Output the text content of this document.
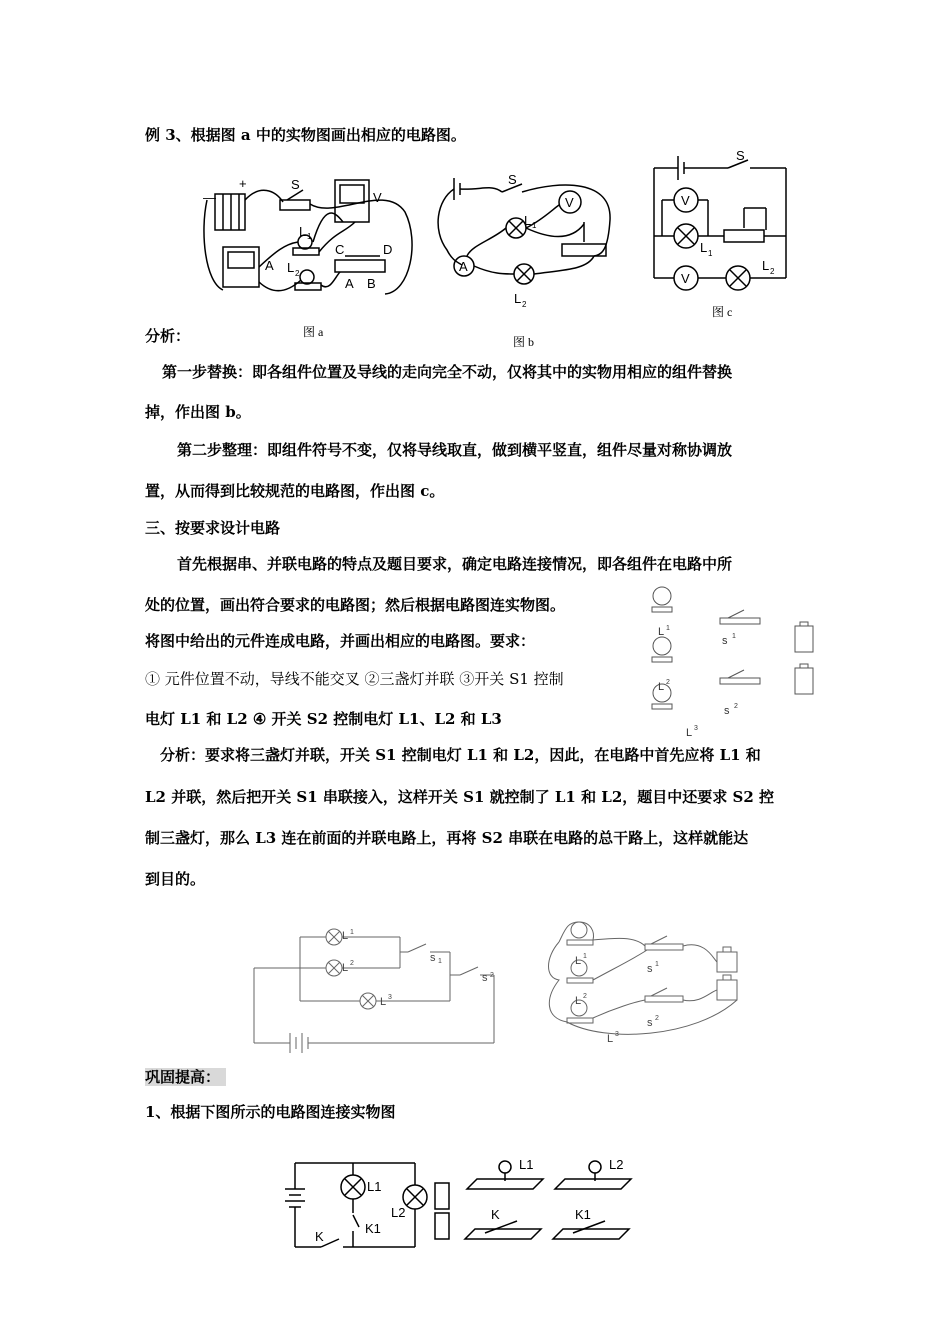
例 3、根据图 a 中的实物图画出相应的电路图。
S
V
L 1
C	D
A L 2
A B
+
—
图 a
S
V
L 1
A
L 2
图 b
S
V
L 1
V
L 2
图 c
分析：
第一步替换：即各组件位置及导线的走向完全不动，仅将其中的实物用相应的组件替换
掉，作出图 b。
第二步整理：即组件符号不变，仅将导线取直，做到横平竖直，组件尽量对称协调放
置，从而得到比较规范的电路图，作出图 c。
三、按要求设计电路
首先根据串、并联电路的特点及题目要求，确定电路连接情况，即各组件在电路中所
处的位置，画出符合要求的电路图；然后根据电路图连实物图。
将图中给出的元件连成电路，并画出相应的电路图。要求：
① 元件位置不动，导线不能交叉 ②三盏灯并联 ③开关 S1 控制
电灯 L1 和 L2 ④ 开关 S2 控制电灯 L1、L2 和 L3
L 1
s 1
L 2
s 2
L 3
分析：要求将三盏灯并联，开关 S1 控制电灯 L1 和 L2，因此，在电路中首先应将 L1 和
L2 并联，然后把开关 S1 串联接入，这样开关 S1 就控制了 L1 和 L2，题目中还要求 S2 控
制三盏灯，那么 L3 连在前面的并联电路上，再将 S2 串联在电路的总干路上，这样就能达
到目的。
L 1
s 1
L 2
s 2
L 3
L 1
s 1
L 2
s 2
L 3
巩固提高：
1、根据下图所示的电路图连接实物图
L1
L2
K1
K
L1	L2
K	K1
